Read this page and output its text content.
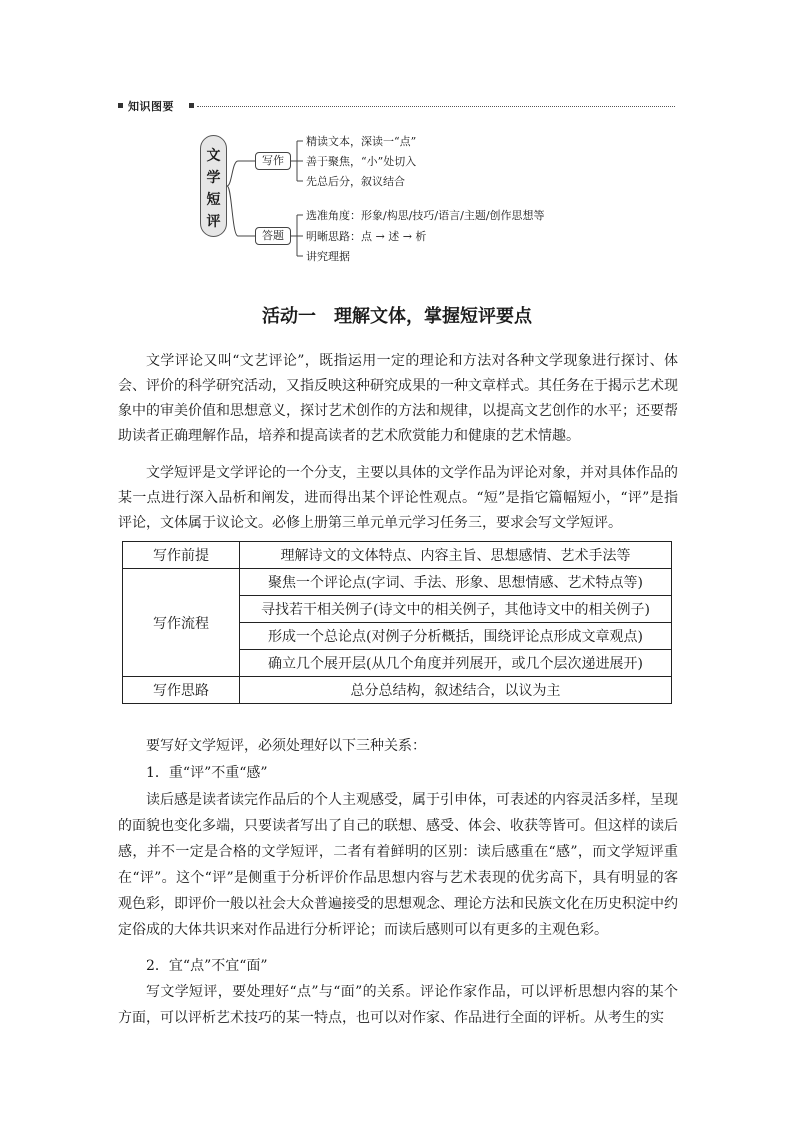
知识图要
文
学
短
评
写作
精读文本，深读一“点”
善于聚焦，“小”处切入
先总后分，叙议结合
答题
选准角度：形象/构思/技巧/语言/主题/创作思想等
明晰思路：点 → 述 → 析
讲究理据
活动一　理解文体，掌握短评要点

文学评论又叫“文艺评论”，既指运用一定的理论和方法对各种文学现象进行探讨、体会、评价的科学研究活动，又指反映这种研究成果的一种文章样式。其任务在于揭示艺术现象中的审美价值和思想意义，探讨艺术创作的方法和规律，以提高文艺创作的水平；还要帮助读者正确理解作品，培养和提高读者的艺术欣赏能力和健康的艺术情趣。

文学短评是文学评论的一个分支，主要以具体的文学作品为评论对象，并对具体作品的某一点进行深入品析和阐发，进而得出某个评论性观点。“短”是指它篇幅短小，“评”是指评论，文体属于议论文。必修上册第三单元单元学习任务三，要求会写文学短评。

写作前提	理解诗文的文体特点、内容主旨、思想感情、艺术手法等
写作流程	聚焦一个评论点(字词、手法、形象、思想情感、艺术特点等)
	寻找若干相关例子(诗文中的相关例子，其他诗文中的相关例子)
	形成一个总论点(对例子分析概括，围绕评论点形成文章观点)
	确立几个展开层(从几个角度并列展开，或几个层次递进展开)
写作思路	总分总结构，叙述结合，以议为主
要写好文学短评，必须处理好以下三种关系：
1．重“评”不重“感”

读后感是读者读完作品后的个人主观感受，属于引申体，可表述的内容灵活多样，呈现的面貌也变化多端，只要读者写出了自己的联想、感受、体会、收获等皆可。但这样的读后感，并不一定是合格的文学短评，二者有着鲜明的区别：读后感重在“感”，而文学短评重在“评”。这个“评”是侧重于分析评价作品思想内容与艺术表现的优劣高下，具有明显的客观色彩，即评价一般以社会大众普遍接受的思想观念、理论方法和民族文化在历史积淀中约定俗成的大体共识来对作品进行分析评论；而读后感则可以有更多的主观色彩。

2．宜“点”不宜“面”

写文学短评，要处理好“点”与“面”的关系。评论作家作品，可以评析思想内容的某个方面，可以评析艺术技巧的某一特点，也可以对作家、作品进行全面的评析。从考生的实
